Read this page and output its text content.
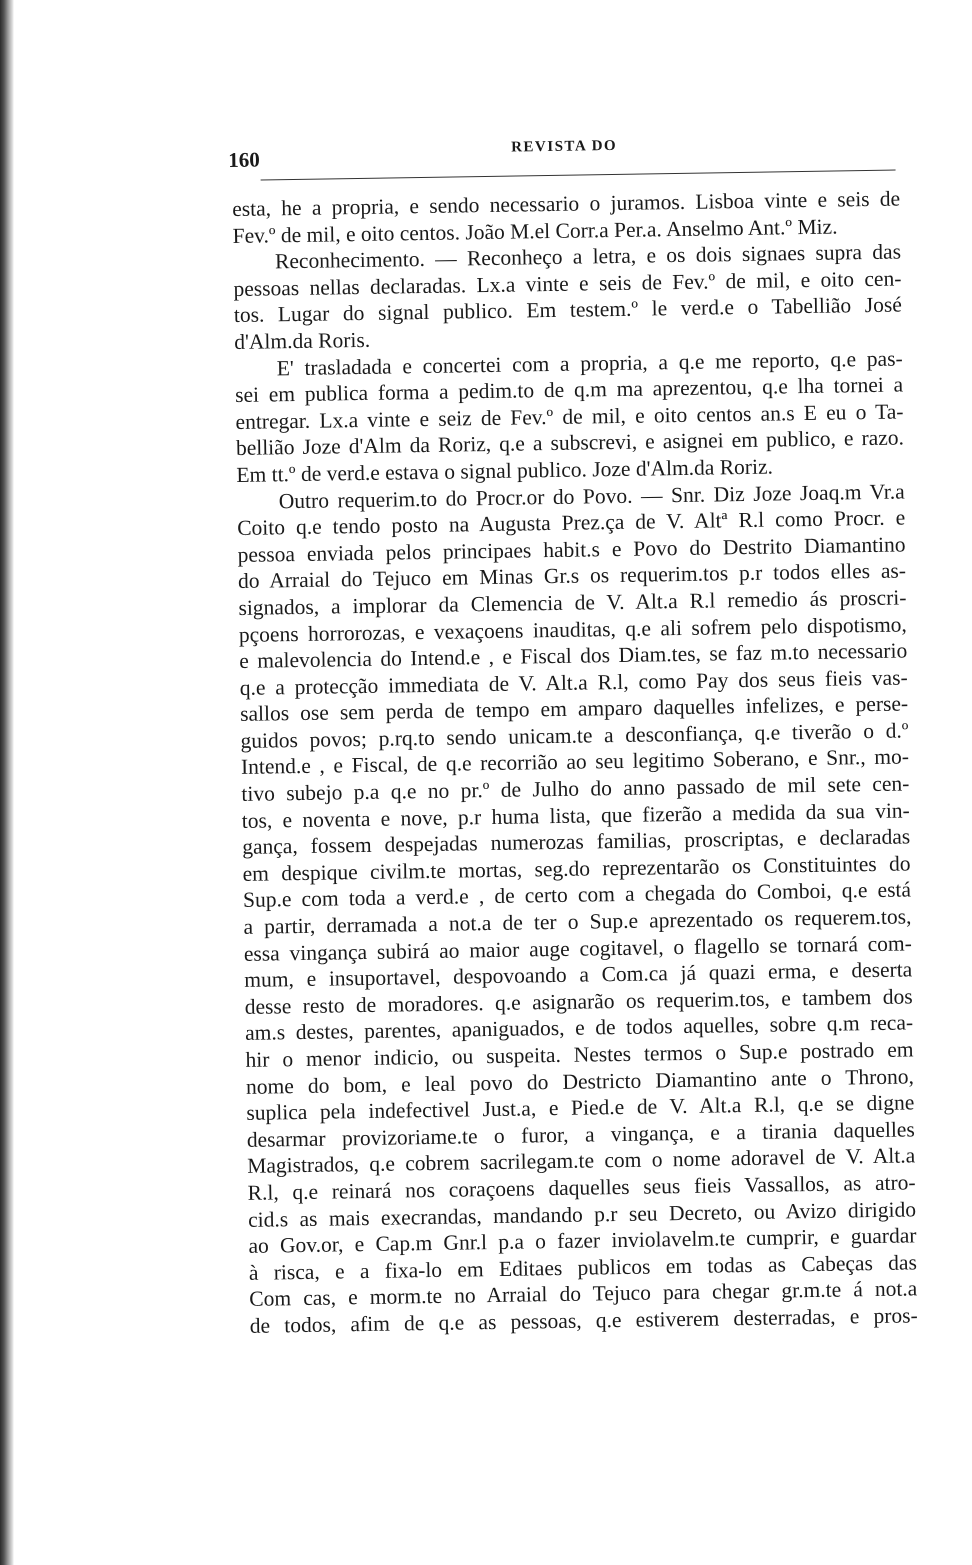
160
REVISTA DO
esta, he a propria, e sendo necessario o juramos. Lisboa vinte e seis de
Fev.º de mil, e oito centos. João M.el Corr.a Per.a. Anselmo Ant.º Miz.
Reconhecimento. — Reconheço a letra, e os dois signaes supra das
pessoas nellas declaradas. Lx.a vinte e seis de Fev.º de mil, e oito cen-
tos. Lugar do signal publico. Em testem.º le verd.e o Tabellião José
d'Alm.da Roris.
E' trasladada e concertei com a propria, a q.e me reporto, q.e pas-
sei em publica forma a pedim.to de q.m ma aprezentou, q.e lha tornei a
entregar. Lx.a vinte e seiz de Fev.º de mil, e oito centos an.s E eu o Ta-
bellião Joze d'Alm da Roriz, q.e a subscrevi, e asignei em publico, e razo.
Em tt.º de verd.e estava o signal publico. Joze d'Alm.da Roriz.
Outro requerim.to do Procr.or do Povo. — Snr. Diz Joze Joaq.m Vr.a
Coito q.e tendo posto na Augusta Prez.ça de V. Altª R.l como Procr. e
pessoa enviada pelos principaes habit.s e Povo do Destrito Diamantino
do Arraial do Tejuco em Minas Gr.s os requerim.tos p.r todos elles as-
signados, a implorar da Clemencia de V. Alt.a R.l remedio ás proscri-
pçoens horrorozas, e vexaçoens inauditas, q.e ali sofrem pelo dispotismo,
e malevolencia do Intend.e , e Fiscal dos Diam.tes, se faz m.to necessario
q.e a protecção immediata de V. Alt.a R.l, como Pay dos seus fieis vas-
sallos ose sem perda de tempo em amparo daquelles infelizes, e perse-
guidos povos; p.rq.to sendo unicam.te a desconfiança, q.e tiverão o d.º
Intend.e , e Fiscal, de q.e recorrião ao seu legitimo Soberano, e Snr., mo-
tivo subejo p.a q.e no pr.º de Julho do anno passado de mil sete cen-
tos, e noventa e nove, p.r huma lista, que fizerão a medida da sua vin-
gança, fossem despejadas numerozas familias, proscriptas, e declaradas
em despique civilm.te mortas, seg.do reprezentarão os Constituintes do
Sup.e com toda a verd.e , de certo com a chegada do Comboi, q.e está
a partir, derramada a not.a de ter o Sup.e aprezentado os requerem.tos,
essa vingança subirá ao maior auge cogitavel, o flagello se tornará com-
mum, e insuportavel, despovoando a Com.ca já quazi erma, e deserta
desse resto de moradores. q.e asignarão os requerim.tos, e tambem dos
am.s destes, parentes, apaniguados, e de todos aquelles, sobre q.m reca-
hir o menor indicio, ou suspeita. Nestes termos o Sup.e postrado em
nome do bom, e leal povo do Destricto Diamantino ante o Throno,
suplica pela indefectivel Just.a, e Pied.e de V. Alt.a R.l, q.e se digne
desarmar provizoriame.te o furor, a vingança, e a tirania daquelles
Magistrados, q.e cobrem sacrilegam.te com o nome adoravel de V. Alt.a
R.l, q.e reinará nos coraçoens daquelles seus fieis Vassallos, as atro-
cid.s as mais execrandas, mandando p.r seu Decreto, ou Avizo dirigido
ao Gov.or, e Cap.m Gnr.l p.a o fazer inviolavelm.te cumprir, e guardar
à risca, e a fixa-lo em Editaes publicos em todas as Cabeças das
Com cas, e morm.te no Arraial do Tejuco para chegar gr.m.te á not.a
de todos, afim de q.e as pessoas, q.e estiverem desterradas, e pros-
